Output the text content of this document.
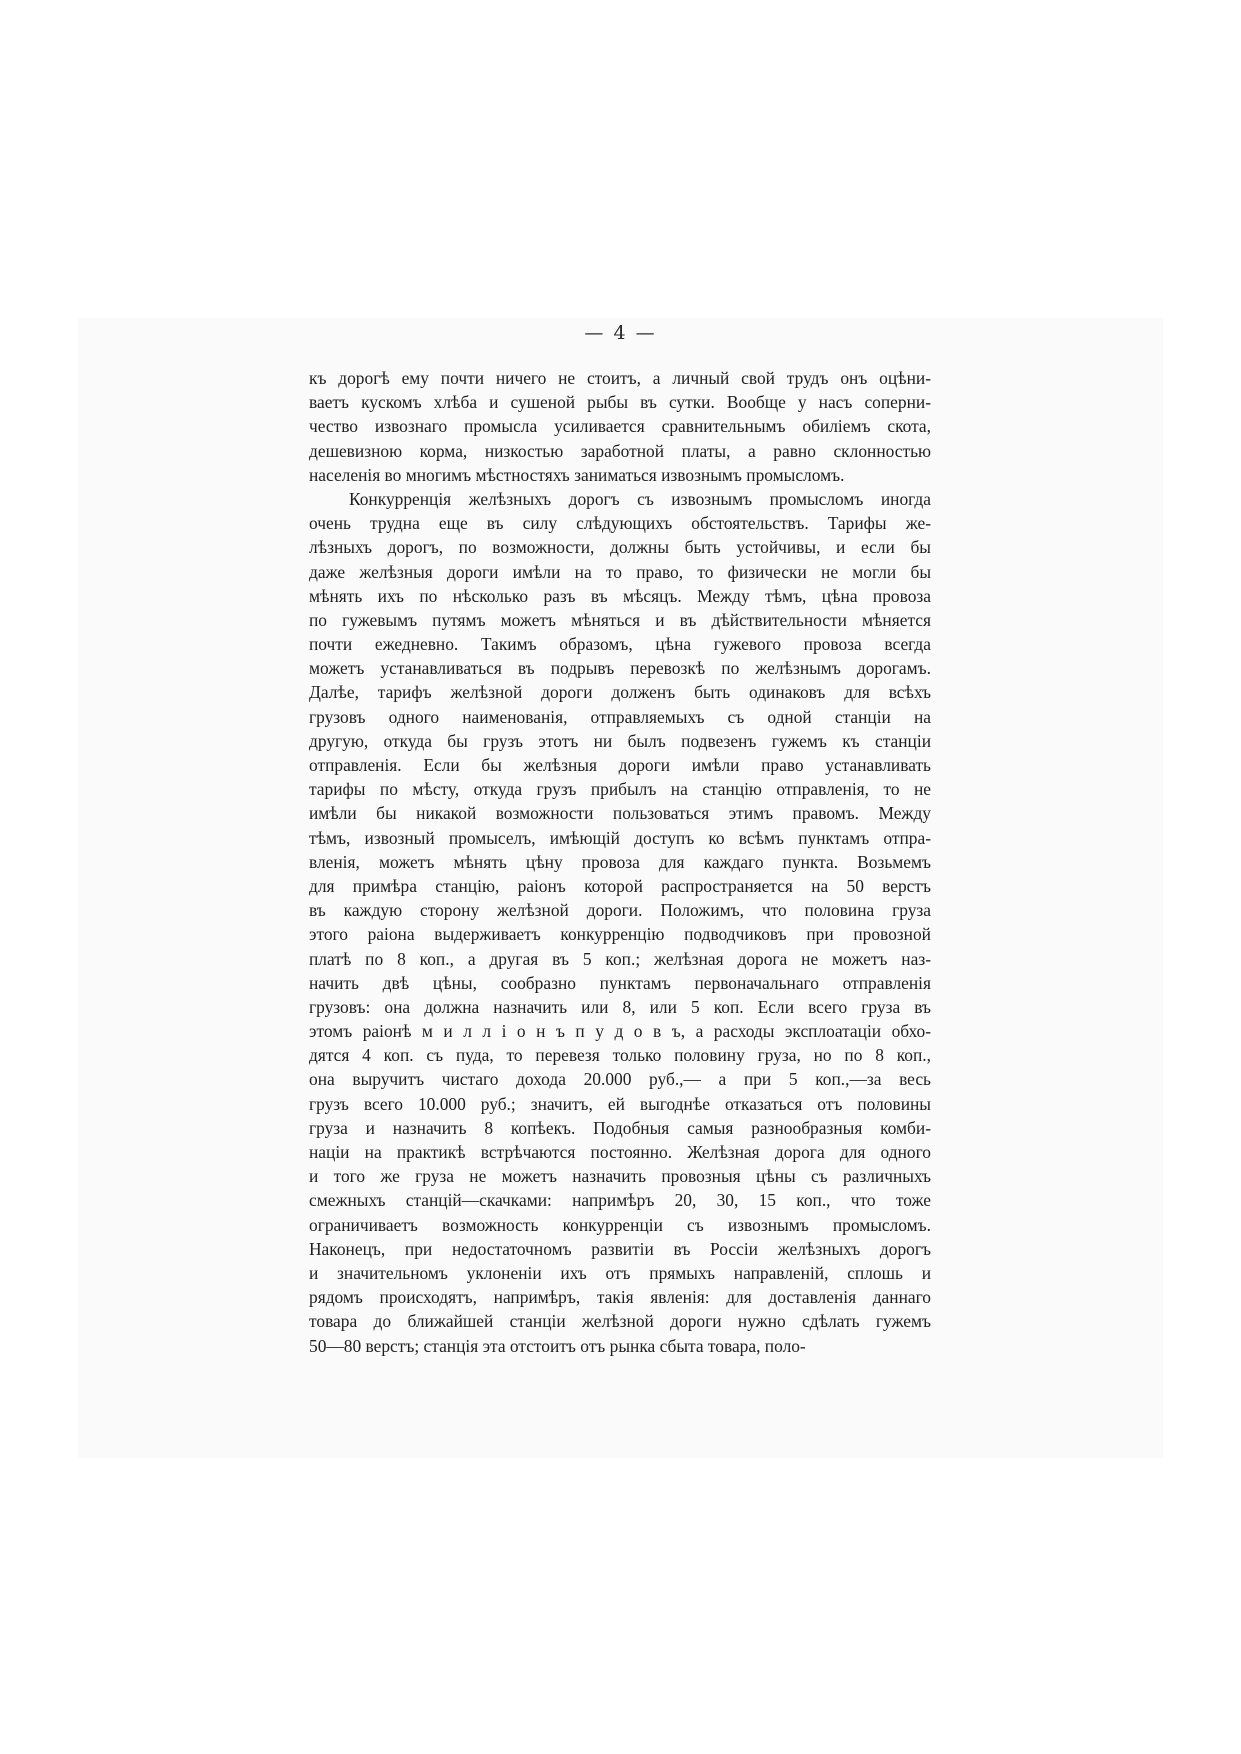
— 4 —
къ дорогѣ ему почти ничего не стоитъ, а личный свой трудъ онъ оцѣни-
ваетъ кускомъ хлѣба и сушеной рыбы въ сутки. Вообще у насъ соперни-
чество извознаго промысла усиливается сравнительнымъ обиліемъ скота,
дешевизною корма, низкостью заработной платы, а равно склонностью
населенія во многимъ мѣстностяхъ заниматься извознымъ промысломъ.
Конкурренція желѣзныхъ дорогъ съ извознымъ промысломъ иногда
очень трудна еще въ силу слѣдующихъ обстоятельствъ. Тарифы же-
лѣзныхъ дорогъ, по возможности, должны быть устойчивы, и если бы
даже желѣзныя дороги имѣли на то право, то физически не могли бы
мѣнять ихъ по нѣсколько разъ въ мѣсяцъ. Между тѣмъ, цѣна провоза
по гужевымъ путямъ можетъ мѣняться и въ дѣйствительности мѣняется
почти ежедневно. Такимъ образомъ, цѣна гужевого провоза всегда
можетъ устанавливаться въ подрывъ перевозкѣ по желѣзнымъ дорогамъ.
Далѣе, тарифъ желѣзной дороги долженъ быть одинаковъ для всѣхъ
грузовъ одного наименованія, отправляемыхъ съ одной станціи на
другую, откуда бы грузъ этотъ ни былъ подвезенъ гужемъ къ станціи
отправленія. Если бы желѣзныя дороги имѣли право устанавливать
тарифы по мѣсту, откуда грузъ прибылъ на станцію отправленія, то не
имѣли бы никакой возможности пользоваться этимъ правомъ. Между
тѣмъ, извозный промыселъ, имѣющій доступъ ко всѣмъ пунктамъ отпра-
вленія, можетъ мѣнять цѣну провоза для каждаго пункта. Возьмемъ
для примѣра станцію, раіонъ которой распространяется на 50 верстъ
въ каждую сторону желѣзной дороги. Положимъ, что половина груза
этого раіона выдерживаетъ конкурренцію подводчиковъ при провозной
платѣ по 8 коп., а другая въ 5 коп.; желѣзная дорога не можетъ наз-
начить двѣ цѣны, сообразно пунктамъ первоначальнаго отправленія
грузовъ: она должна назначить или 8, или 5 коп. Если всего груза въ
этомъ раіонѣ м и л л і о н ъ п у д о в ъ, а расходы эксплоатаціи обхо-
дятся 4 коп. съ пуда, то перевезя только половину груза, но по 8 коп.,
она выручитъ чистаго дохода 20.000 руб.,— а при 5 коп.,—за весь
грузъ всего 10.000 руб.; значитъ, ей выгоднѣе отказаться отъ половины
груза и назначить 8 копѣекъ. Подобныя самыя разнообразныя комби-
націи на практикѣ встрѣчаются постоянно. Желѣзная дорога для одного
и того же груза не можетъ назначить провозныя цѣны съ различныхъ
смежныхъ станцій—скачками: напримѣръ 20, 30, 15 коп., что тоже
ограничиваетъ возможность конкурренціи съ извознымъ промысломъ.
Наконецъ, при недостаточномъ развитіи въ Россіи желѣзныхъ дорогъ
и значительномъ уклоненіи ихъ отъ прямыхъ направленій, сплошь и
рядомъ происходятъ, напримѣръ, такія явленія: для доставленія даннаго
товара до ближайшей станціи желѣзной дороги нужно сдѣлать гужемъ
50—80 верстъ; станція эта отстоитъ отъ рынка сбыта товара, поло-
